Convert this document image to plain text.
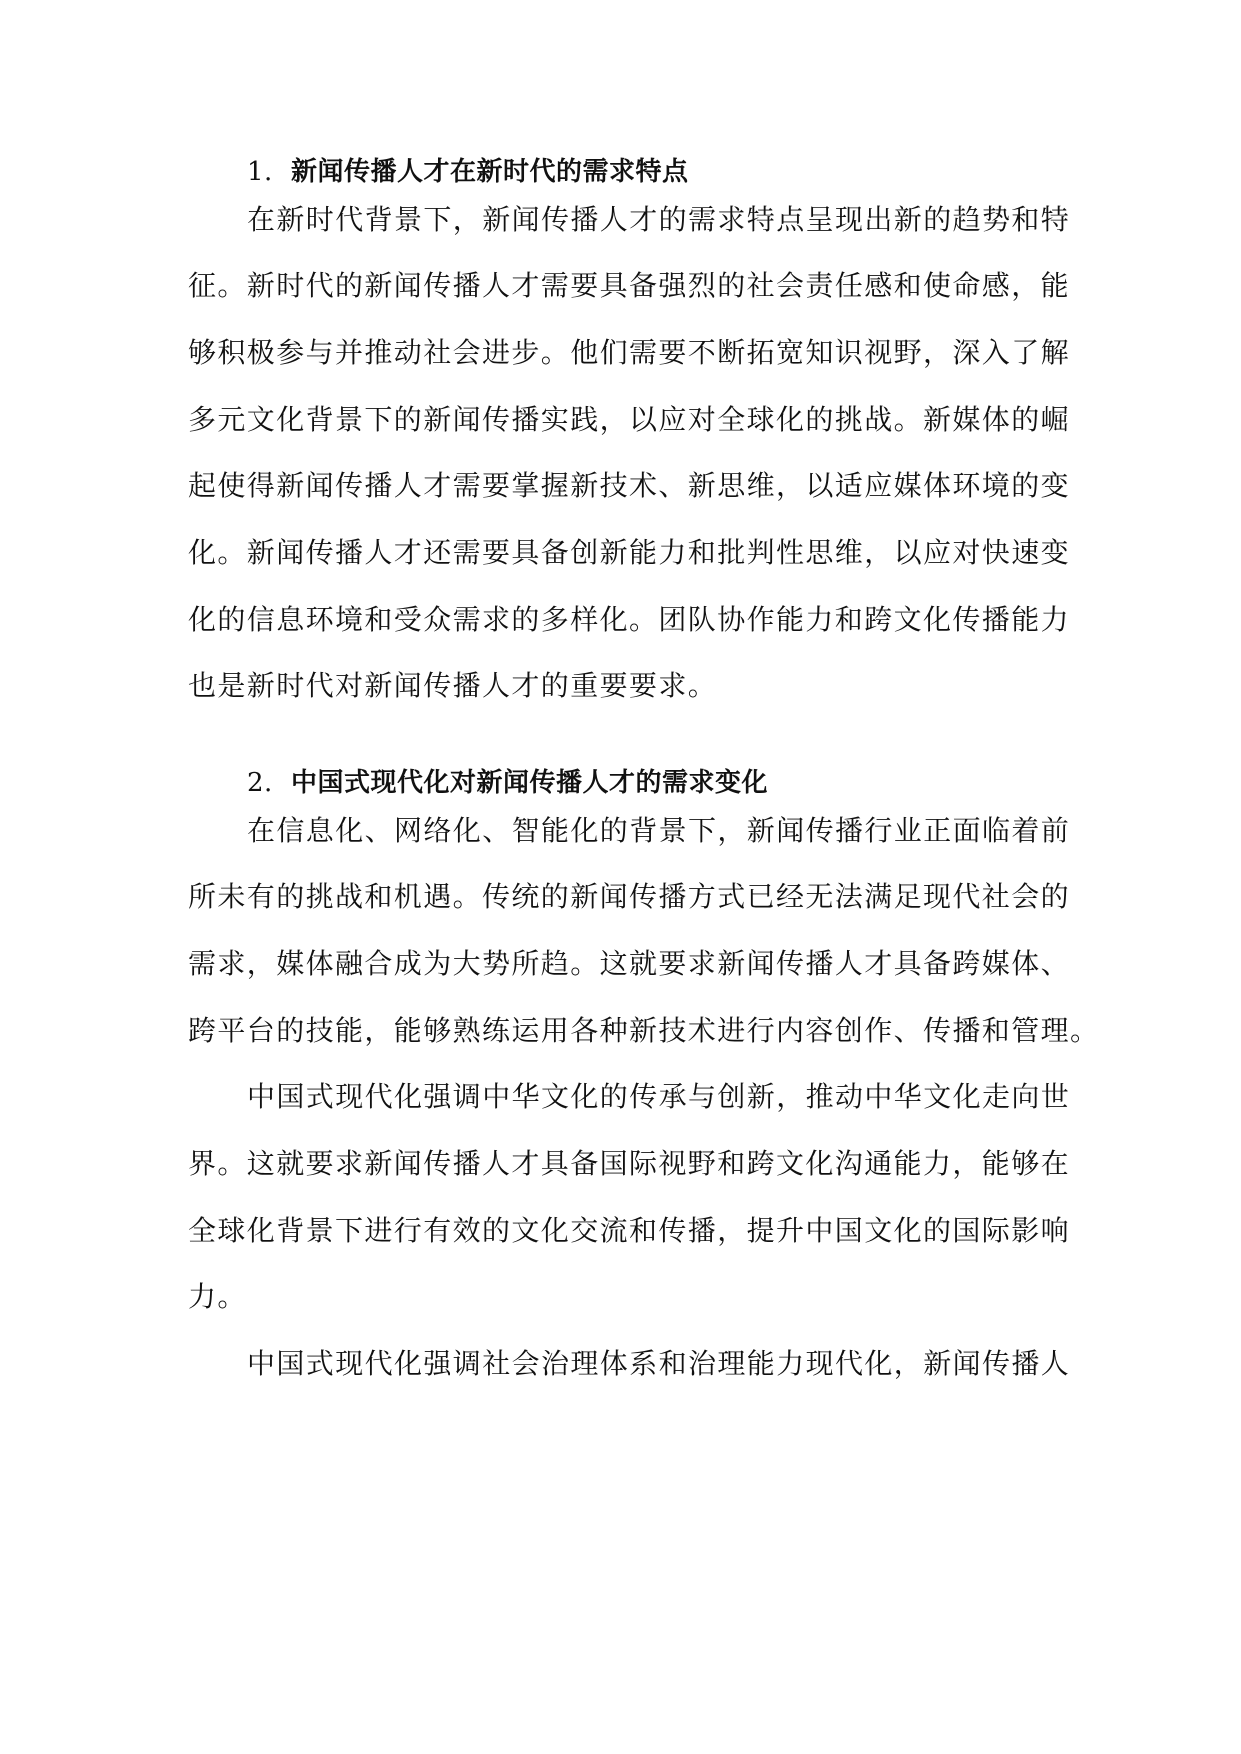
1. 新闻传播人才在新时代的需求特点
在新时代背景下，新闻传播人才的需求特点呈现出新的趋势和特
征。新时代的新闻传播人才需要具备强烈的社会责任感和使命感，能
够积极参与并推动社会进步。他们需要不断拓宽知识视野，深入了解
多元文化背景下的新闻传播实践，以应对全球化的挑战。新媒体的崛
起使得新闻传播人才需要掌握新技术、新思维，以适应媒体环境的变
化。新闻传播人才还需要具备创新能力和批判性思维，以应对快速变
化的信息环境和受众需求的多样化。团队协作能力和跨文化传播能力
也是新时代对新闻传播人才的重要要求。
2. 中国式现代化对新闻传播人才的需求变化
在信息化、网络化、智能化的背景下，新闻传播行业正面临着前
所未有的挑战和机遇。传统的新闻传播方式已经无法满足现代社会的
需求，媒体融合成为大势所趋。这就要求新闻传播人才具备跨媒体、
跨平台的技能，能够熟练运用各种新技术进行内容创作、传播和管理。
中国式现代化强调中华文化的传承与创新，推动中华文化走向世
界。这就要求新闻传播人才具备国际视野和跨文化沟通能力，能够在
全球化背景下进行有效的文化交流和传播，提升中国文化的国际影响
力。
中国式现代化强调社会治理体系和治理能力现代化，新闻传播人
